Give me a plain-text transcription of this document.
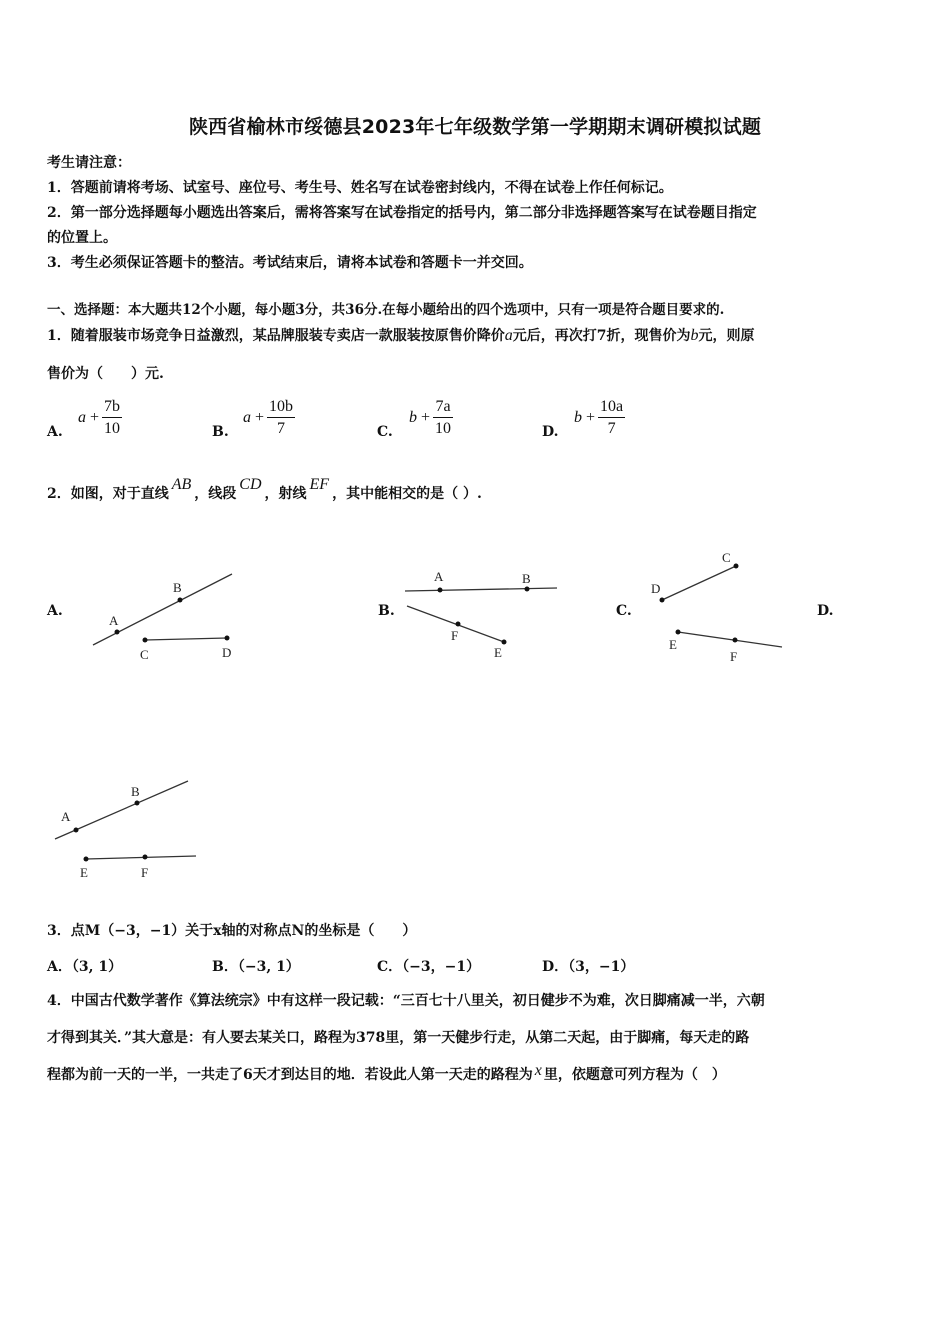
陕西省榆林市绥德县2023年七年级数学第一学期期末调研模拟试题
考生请注意：
1．答题前请将考场、试室号、座位号、考生号、姓名写在试卷密封线内，不得在试卷上作任何标记。
2．第一部分选择题每小题选出答案后，需将答案写在试卷指定的括号内，第二部分非选择题答案写在试卷题目指定
的位置上。
3．考生必须保证答题卡的整洁。考试结束后，请将本试卷和答题卡一并交回。
一、选择题：本大题共12个小题，每小题3分，共36分.在每小题给出的四个选项中，只有一项是符合题目要求的.
1．随着服装市场竞争日益激烈，某品牌服装专卖店一款服装按原售价降价a元后，再次打7折，现售价为b元，则原
售价为（　　）元.
A.
$a + \frac{7b}{10}$	B.
$a + \frac{10b}{7}$	C.
$b + \frac{7a}{10}$	D.
$b + \frac{10a}{7}$
2．如图，对于直线AB，线段CD，射线EF，其中能相交的是（ ）.
A.	B.	C.	D.
A
B
C	D
A	B
F
E
D
C
E
F
A
B
E	F
3．点M（−3，−1）关于x轴的对称点N的坐标是（　　）
A．（3, 1）	B．（−3, 1）	C．（−3，−1）	D．（3，−1）
4．中国古代数学著作《算法统宗》中有这样一段记载：“三百七十八里关，初日健步不为难，次日脚痛减一半，六朝
才得到其关．”其大意是：有人要去某关口，路程为378里，第一天健步行走，从第二天起，由于脚痛，每天走的路
程都为前一天的一半，一共走了6天才到达目的地．若设此人第一天走的路程为 x 里，依题意可列方程为（　）
